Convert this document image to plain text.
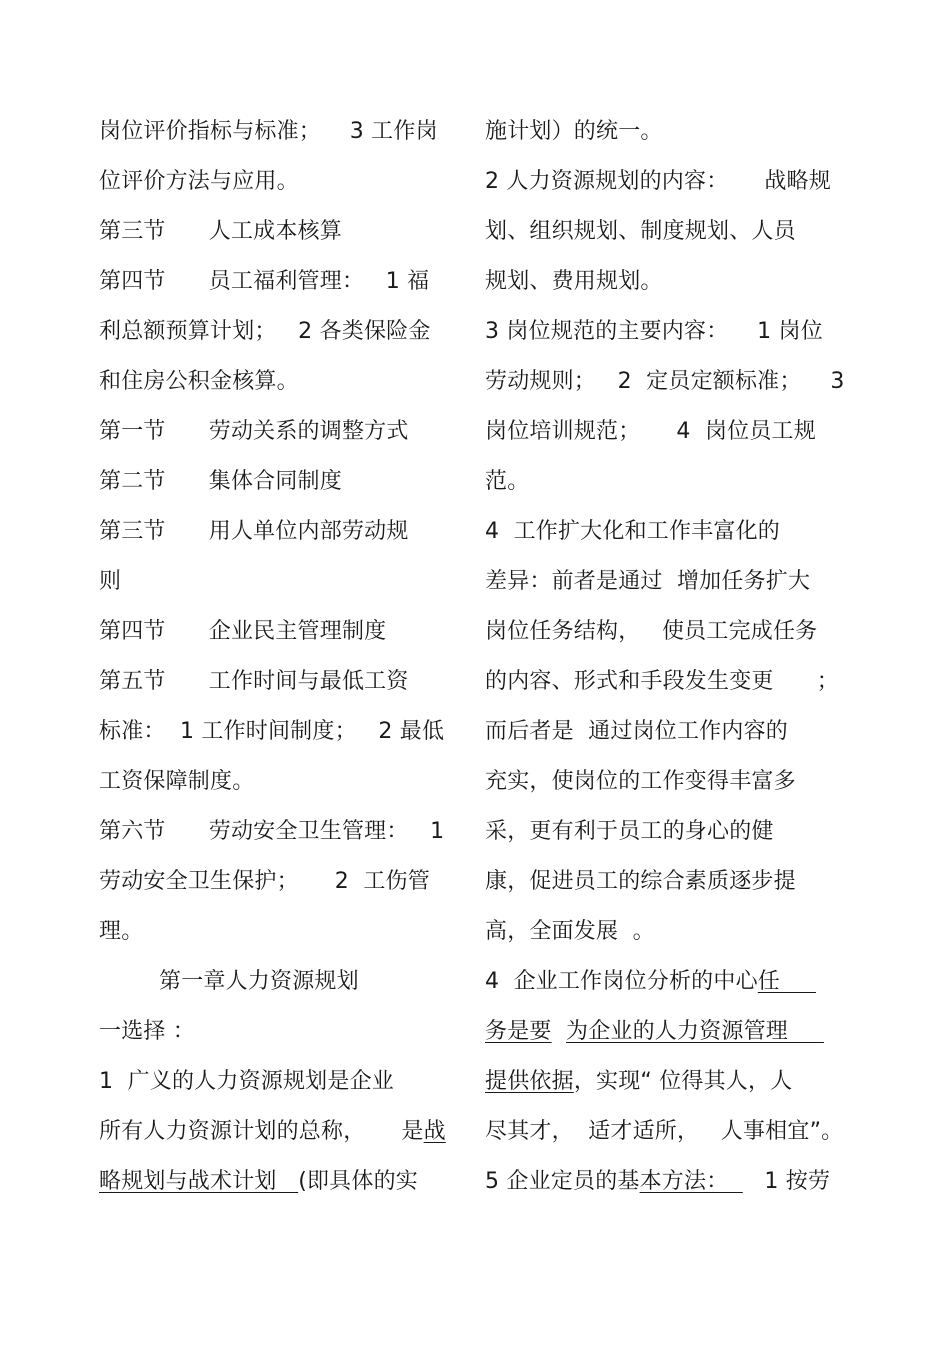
岗位评价指标与标准；    3 工作岗
位评价方法与应用。
第三节      人工成本核算
第四节      员工福利管理：   1 福
利总额预算计划；   2 各类保险金
和住房公积金核算。
第一节      劳动关系的调整方式
第二节      集体合同制度
第三节      用人单位内部劳动规
则
第四节      企业民主管理制度
第五节      工作时间与最低工资
标准：  1 工作时间制度；   2 最低
工资保障制度。
第六节      劳动安全卫生管理：   1
劳动安全卫生保护；     2  工伤管
理。
第一章人力资源规划
一选择 ：
1  广义的人力资源规划是企业
所有人力资源计划的总称，     是战
略规划与战术计划   (即具体的实
施计划）的统一。
2 人力资源规划的内容：     战略规
划、组织规划、制度规划、人员
规划、费用规划。
3 岗位规范的主要内容：    1 岗位
劳动规则；   2  定员定额标准；    3
岗位培训规范；     4  岗位员工规
范。
4  工作扩大化和工作丰富化的
差异：前者是通过  增加任务扩大
岗位任务结构，   使员工完成任务
的内容、形式和手段发生变更      ；
而后者是  通过岗位工作内容的
充实，使岗位的工作变得丰富多
采，更有利于员工的身心的健
康，促进员工的综合素质逐步提
高，全面发展  。
4  企业工作岗位分析的中心任
务是要 为企业的人力资源管理
提供依据，实现“ 位得其人，人
尽其才，  适才适所，   人事相宜”。
5 企业定员的基本方法：     1 按劳
